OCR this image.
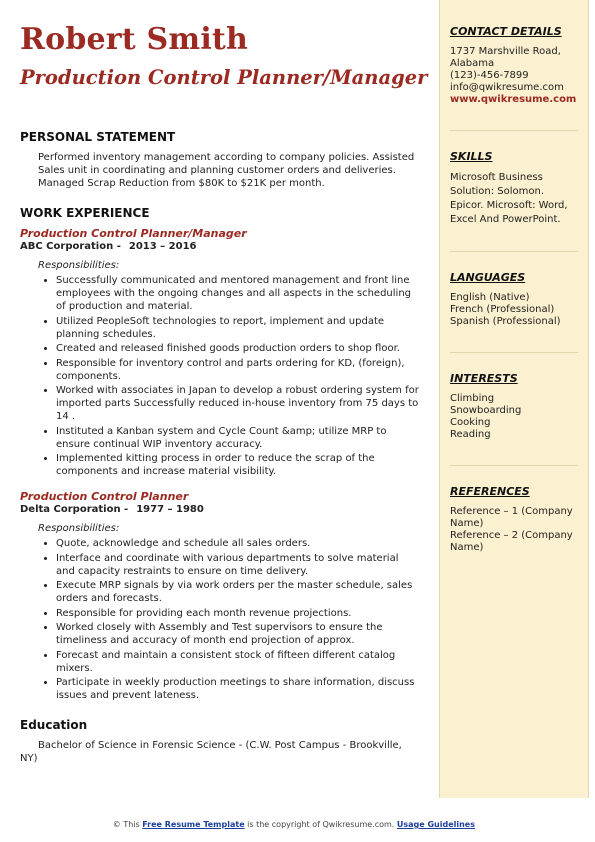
Robert Smith
Production Control Planner/Manager
PERSONAL STATEMENT

Performed inventory management according to company policies. Assisted Sales unit in coordinating and planning customer orders and deliveries. Managed Scrap Reduction from $80K to $21K per month.

WORK EXPERIENCE
Production Control Planner/Manager
ABC Corporation - 2013 – 2016
Responsibilities:
• Successfully communicated and mentored management and front line employees with the ongoing changes and all aspects in the scheduling of production and material.
• Utilized PeopleSoft technologies to report, implement and update planning schedules.
• Created and released finished goods production orders to shop floor.
• Responsible for inventory control and parts ordering for KD, (foreign), components.
• Worked with associates in Japan to develop a robust ordering system for imported parts Successfully reduced in-house inventory from 75 days to 14 .
• Instituted a Kanban system and Cycle Count &amp; utilize MRP to ensure continual WIP inventory accuracy.
• Implemented kitting process in order to reduce the scrap of the components and increase material visibility.
Production Control Planner
Delta Corporation - 1977 – 1980
Responsibilities:
• Quote, acknowledge and schedule all sales orders.
• Interface and coordinate with various departments to solve material and capacity restraints to ensure on time delivery.
• Execute MRP signals by via work orders per the master schedule, sales orders and forecasts.
• Responsible for providing each month revenue projections.
• Worked closely with Assembly and Test supervisors to ensure the timeliness and accuracy of month end projection of approx.
• Forecast and maintain a consistent stock of fifteen different catalog mixers.
• Participate in weekly production meetings to share information, discuss issues and prevent lateness.
Education

Bachelor of Science in Forensic Science - (C.W. Post Campus - Brookville, NY)

CONTACT DETAILS
1737 Marshville Road,
Alabama
(123)-456-7899
info@qwikresume.com
www.qwikresume.com
SKILLS
Microsoft Business Solution: Solomon. Epicor. Microsoft: Word, Excel And PowerPoint.
LANGUAGES
English (Native)
French (Professional)
Spanish (Professional)
INTERESTS
Climbing
Snowboarding
Cooking
Reading
REFERENCES
Reference – 1 (Company Name)
Reference – 2 (Company Name)
© This Free Resume Template is the copyright of Qwikresume.com. Usage Guidelines
